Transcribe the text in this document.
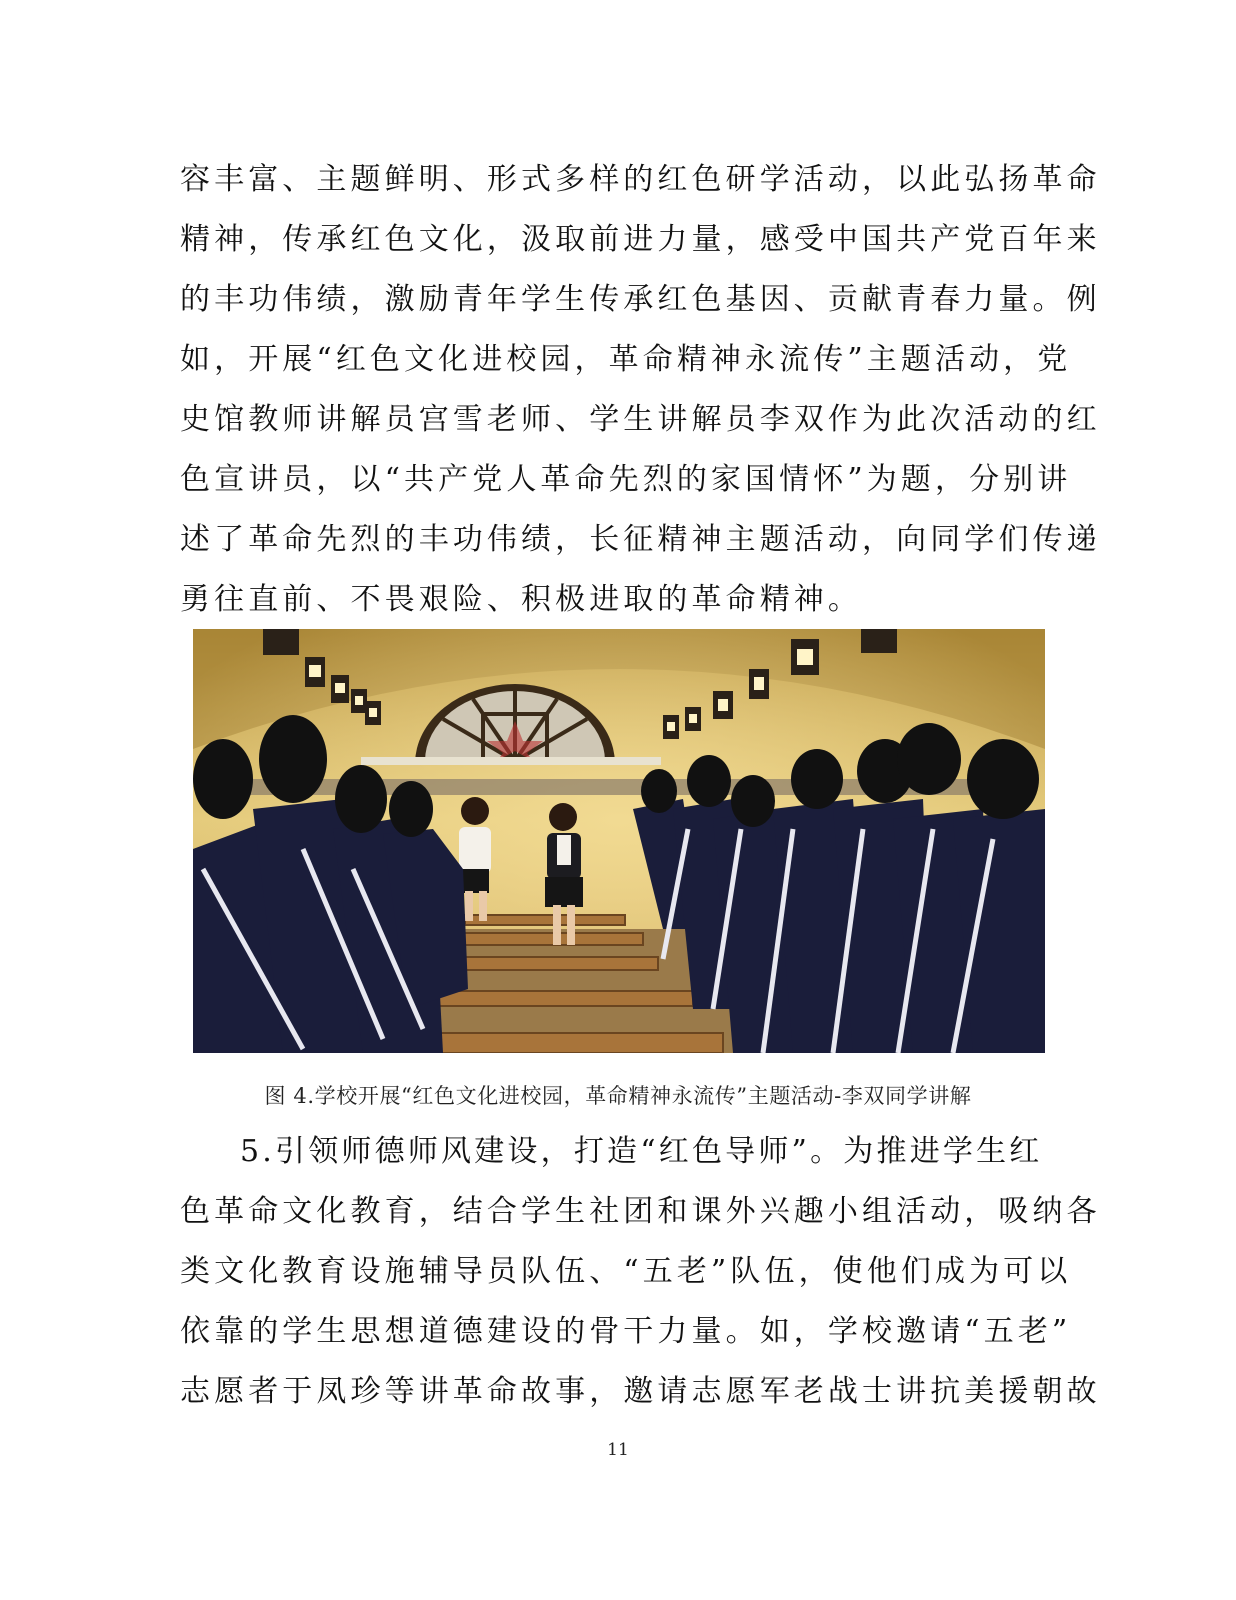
容丰富、主题鲜明、形式多样的红色研学活动，以此弘扬革命
精神，传承红色文化，汲取前进力量，感受中国共产党百年来
的丰功伟绩，激励青年学生传承红色基因、贡献青春力量。例
如，开展“红色文化进校园，革命精神永流传”主题活动，党
史馆教师讲解员宫雪老师、学生讲解员李双作为此次活动的红
色宣讲员，以“共产党人革命先烈的家国情怀”为题，分别讲
述了革命先烈的丰功伟绩，长征精神主题活动，向同学们传递
勇往直前、不畏艰险、积极进取的革命精神。
图 4.学校开展“红色文化进校园，革命精神永流传”主题活动-李双同学讲解
5.引领师德师风建设，打造“红色导师”。为推进学生红
色革命文化教育，结合学生社团和课外兴趣小组活动，吸纳各
类文化教育设施辅导员队伍、“五老”队伍，使他们成为可以
依靠的学生思想道德建设的骨干力量。如，学校邀请“五老”
志愿者于凤珍等讲革命故事，邀请志愿军老战士讲抗美援朝故
11
